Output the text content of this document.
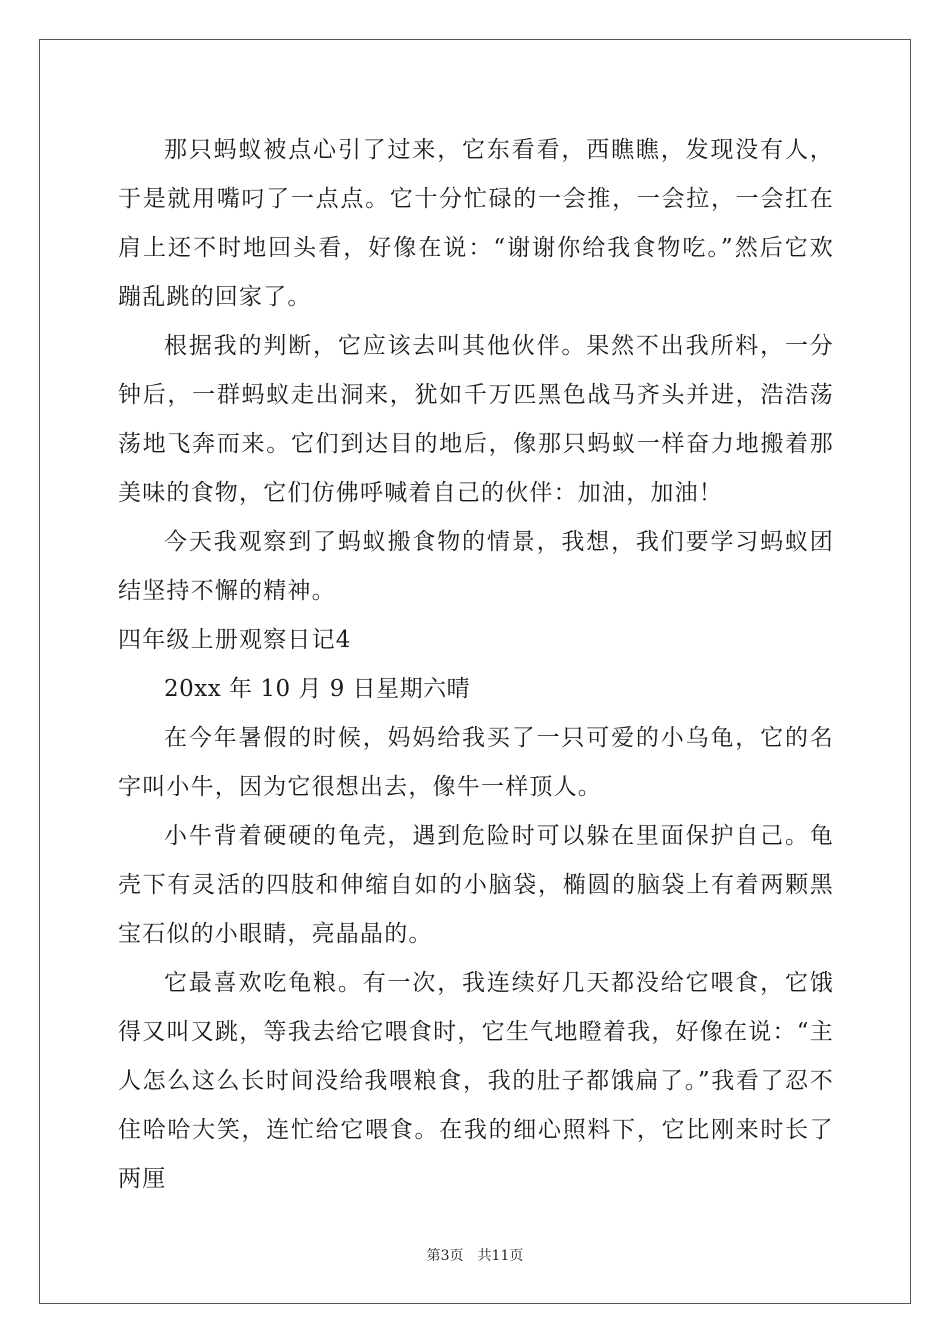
那只蚂蚁被点心引了过来，它东看看，西瞧瞧，发现没有人，于是就用嘴叼了一点点。它十分忙碌的一会推，一会拉，一会扛在肩上还不时地回头看，好像在说：“谢谢你给我食物吃。”然后它欢蹦乱跳的回家了。

根据我的判断，它应该去叫其他伙伴。果然不出我所料，一分钟后，一群蚂蚁走出洞来，犹如千万匹黑色战马齐头并进，浩浩荡荡地飞奔而来。它们到达目的地后，像那只蚂蚁一样奋力地搬着那美味的食物，它们仿佛呼喊着自己的伙伴：加油，加油！

今天我观察到了蚂蚁搬食物的情景，我想，我们要学习蚂蚁团结坚持不懈的精神。

四年级上册观察日记4

20xx 年 10 月 9 日星期六晴

在今年暑假的时候，妈妈给我买了一只可爱的小乌龟，它的名字叫小牛，因为它很想出去，像牛一样顶人。

小牛背着硬硬的龟壳，遇到危险时可以躲在里面保护自己。龟壳下有灵活的四肢和伸缩自如的小脑袋，椭圆的脑袋上有着两颗黑宝石似的小眼睛，亮晶晶的。

它最喜欢吃龟粮。有一次，我连续好几天都没给它喂食，它饿得又叫又跳，等我去给它喂食时，它生气地瞪着我，好像在说：“主人怎么这么长时间没给我喂粮食，我的肚子都饿扁了。”我看了忍不住哈哈大笑，连忙给它喂食。在我的细心照料下，它比刚来时长了两厘

第3页 共11页
